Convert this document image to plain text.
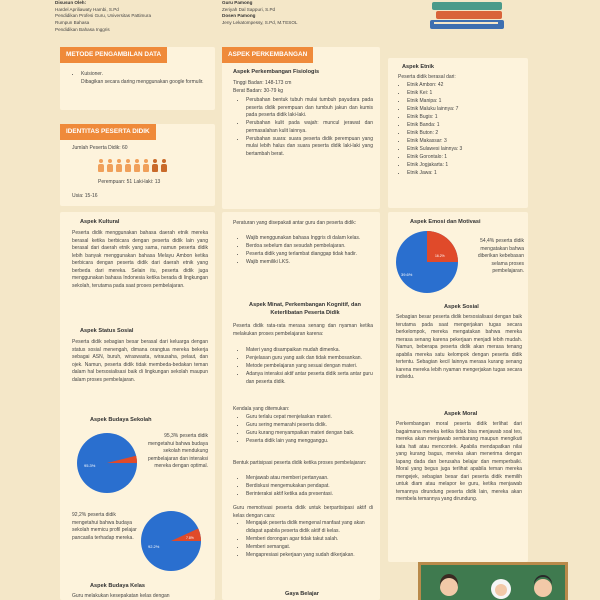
Disusun Oleh:
Hardel Apriliawaty Hambi, S.Pd
Pendidikan Profesi Guru, Universitas Pattimura
Rumpun Bahasa
Pendidikan Bahasa Inggris
Guru Pamong
Zeriyah Dal Sappuri, S.Pd
Dosen Pamong
Jeny Lekatompessy, S.Pd, M.TESOL
METODE PENGAMBILAN DATA
• Kuisioner.
Dibagikan secara daring menggunakan google formulir.
IDENTITAS PESERTA DIDIK
Jumlah Peserta Didik: 60
Perempuan: 51 Laki-laki: 13
Usia: 15-16
ASPEK PERKEMBANGAN
Aspek Perkembangan Fisiologis
Tinggi Badan: 148-173 cm
Berat Badan: 30-79 kg
• Perubahan bentuk tubuh mulai tumbuh payudara pada peserta didik perempuan dan tumbuh jakun dan kumis pada peserta didik laki-laki.
• Perubahan kulit pada wajah: muncul jerawat dan permasalahan kulit lainnya.
• Perubahan suara: suara peserta didik perempuan yang mulai lebih halus dan suara peserta didik laki-laki yang bertambah berat.
Aspek Etnik
Peserta didik berasal dari:
• Etnik Ambon: 42
• Etnik Kei: 1
• Etnik Manipa: 1
• Etnik Maluku lainnya: 7
• Etnik Bugis: 1
• Etnik Banda: 1
• Etnik Buton: 2
• Etnik Makassar: 3
• Etnik Sulawesi lainnya: 3
• Etnik Gorontalo: 1
• Etnik Jogjakarta: 1
• Etnik Jawa: 1
Aspek Kultural
Peserta didik menggunakan bahasa daerah etnik mereka berasal ketika berbicara dengan peserta didik lain yang berasal dari daerah etnik yang sama, namun peserta didik lebih banyak menggunakan bahasa Melayu Ambon ketika berbicara dengan peserta didik dari daerah etnik yang berbeda dari mereka. Selain itu, peserta didik juga menggunakan bahasa Indonesia ketika berada di lingkungan sekolah, terutama pada saat proses pembelajaran.
Aspek Status Sosial
Peserta didik sebagian besar berasal dari keluarga dengan status sosial menengah, dimana orangtua mereka bekerja sebagai ASN, buruh, wiraswasta, wirausaha, pelaut, dan ojek. Namun, peserta didik tidak membeda-bedakan teman dalam hal bersosialisasi baik di lingkungan sekolah maupun dalam proses pembelajaran.
Aspek Budaya Sekolah
95.3%
95,3% peserta didik mengetahui bahwa budaya sekolah mendukung pembelajaran dan interaksi mereka dengan optimal.
92,2% peserta didik mengetahui bahwa budaya sekolah memicu profil pelajar pancasila terhadap mereka.	7.8%
92.2%
Aspek Budaya Kelas
Guru melakukan kesepakatan kelas dengan
Peraturan yang disepakati antar guru dan peserta didik:
• Wajib menggunakan bahasa Inggris di dalam kelas.
• Berdoa sebelum dan sesudah pembelajaran.
• Peserta didik yang terlambat dianggap tidak hadir.
• Wajib memiliki LKS.
Aspek Minat, Perkembangan Kognitif, dan Keterlibatan Peserta Didik
Peserta didik rata-rata merasa senang dan nyaman ketika melakukan proses pembelajaran karena:
• Materi yang disampaikan mudah dimenka.
• Penjelasan guru yang asik dan tidak membosankan.
• Metode pembelajaran yang sesuai dengan materi.
• Adanya interaksi aktif antar peserta didik serta antar guru dan peserta didik.
Kendala yang ditemukan:
• Guru terlalu cepat menjelaskan materi.
• Guru sering memarahi peserta didik.
• Guru kurang menyampaikan materi dengan baik.
• Peserta didik lain yang mengganggu.
Bentuk partisipasi peserta didik ketika proses pembelajaran:
• Menjawab atau memberi pertanyaan.
• Berdiskusi mengemukakan pendapat.
• Berinteraksi aktif ketika ada presentasi.
Guru memotivasi peserta didik untuk berpartisipasi aktif di kelas dengan cara:
• Mengajak peserta didik mengenal manfaat yang akan didapat apabila peserta didik aktif di kelas.
• Memberi dorongan agar tidak takut salah.
• Memberi semangat.
• Mengapresiasi pekerjaan yang sudah dikerjakan.
Gaya Belajar
Aspek Emosi dan Motivasi
16.2%
39.6%
54,4% peserta didik mengatakan bahwa diberikan kebebasan selama proses pembelajaran.
Aspek Sosial
Sebagian besar peserta didik bersosialisasi dengan baik terutama pada saat mengerjakan tugas secara berkelompok, mereka mengatakan bahwa mereka merasa senang karena pekerjaan menjadi lebih mudah. Namun, beberapa peserta didik akan merasa tenang apabila mereka satu kelompok dengan peserta didik tertentu. Sebagian kecil lainnya merasa kurang senang karena mereka lebih nyaman mengerjakan tugas secara individu.
Aspek Moral
Perkembangan moral peserta didik terlihat dari bagaimana mereka ketika tidak bisa menjawab soal tes, mereka akan menjawab sembarang maupun mengikuti kata hati atau mencontek. Apabila mendapatkan nilai yang kurang bagus, mereka akan menerima dengan lapang dada dan berusaha belajar dan memperbaiki. Moral yang begus juga terlihat apabila teman mereka mengejek, sebagian besar dari peserta didik memilih untuk diam atau melapor ke guru, ketika menjawab temannya dirundung peserta didik lain, mereka akan membela temannya yang dirundung.
